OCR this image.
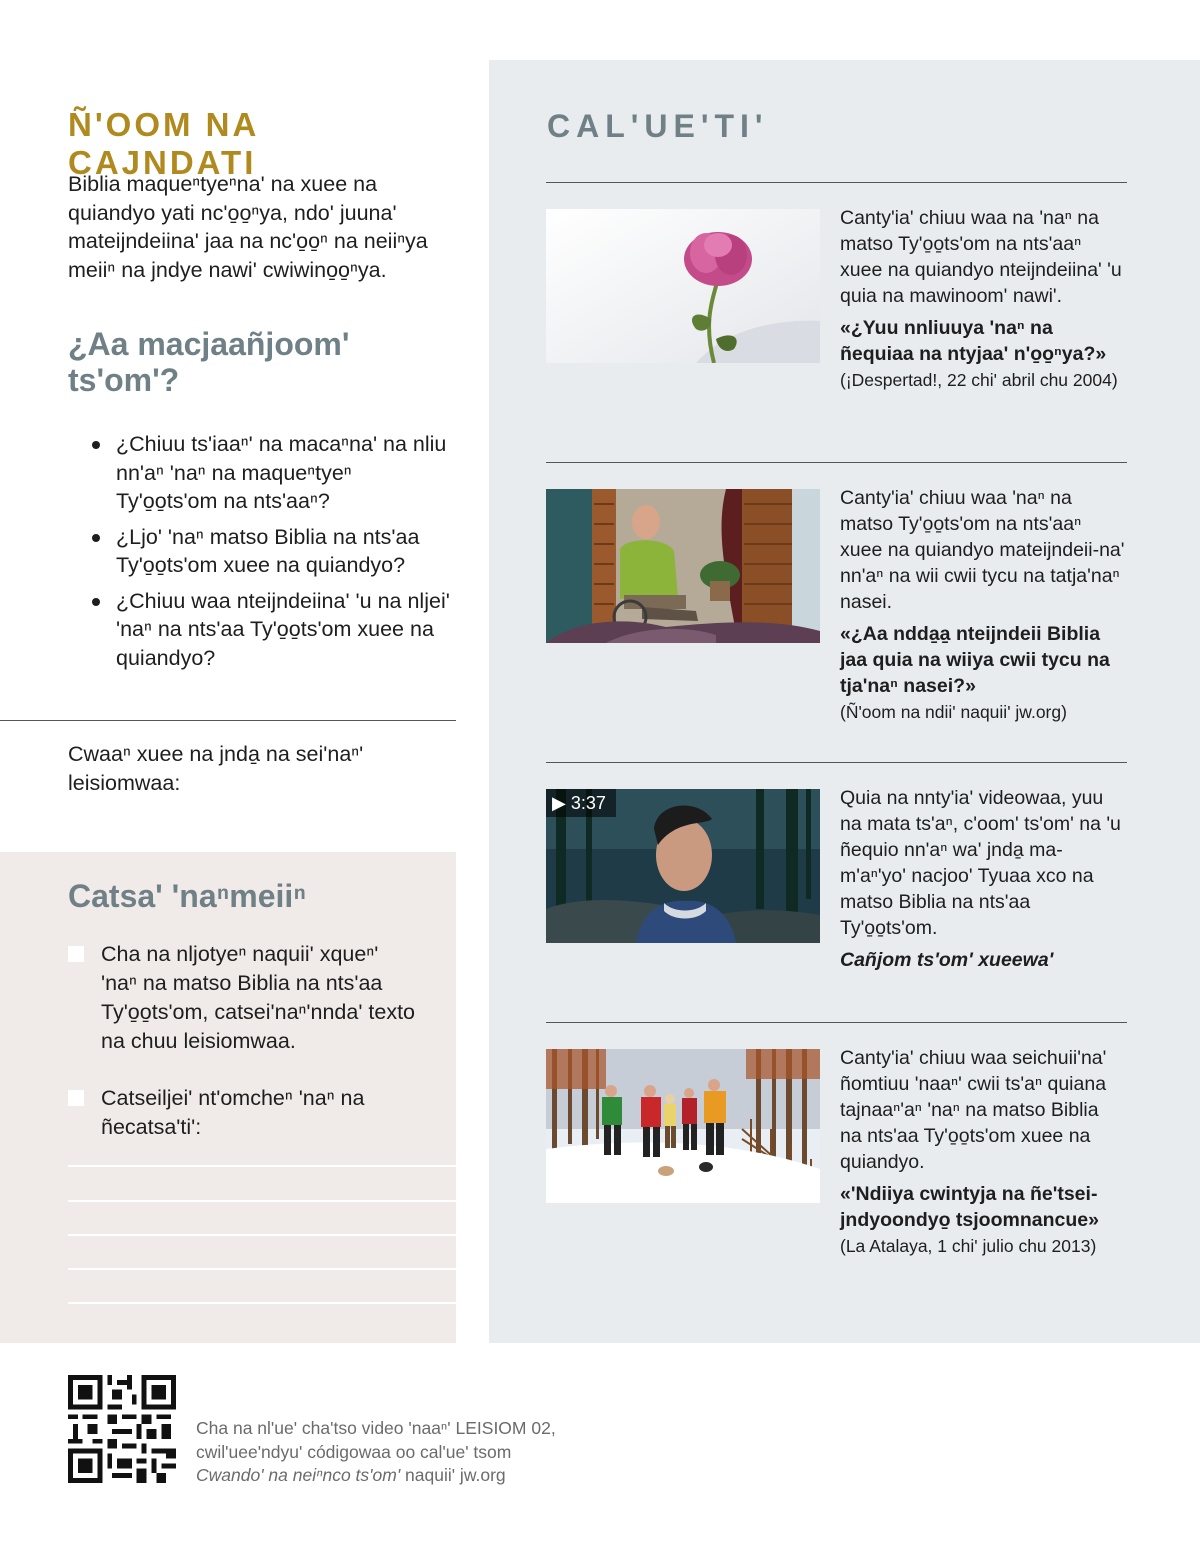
Ñ'OOM NA CAJNDATI

Biblia maqueⁿtyeⁿna' na xuee na quiandyo yati nc'o̱o̱ⁿya, ndo' juuna' mateijndeiina' jaa na nc'o̱o̱ⁿ na neiiⁿya meiiⁿ na jndye nawi' cwiwino̱o̱ⁿya.

¿Aa macjaañjoom' ts'om'?
¿Chiuu ts'iaaⁿ' na macaⁿna' na nliu nn'aⁿ 'naⁿ na maqueⁿtyeⁿ Ty'o̱o̱ts'om na nts'aaⁿ?
¿Ljo' 'naⁿ matso Biblia na nts'aa Ty'o̱o̱ts'om xuee na quiandyo?
¿Chiuu waa nteijndeiina' 'u na nljei' 'naⁿ na nts'aa Ty'o̱o̱ts'om xuee na quiandyo?

Cwaaⁿ xuee na jnda̱ na sei'naⁿ' leisiomwaa:

Catsa' 'naⁿmeiiⁿ

Cha na nljotyeⁿ naquii' xqueⁿ' 'naⁿ na matso Biblia na nts'aa Ty'o̱o̱ts'om, catsei'naⁿ'nnda' texto na chuu leisiomwaa.

Catseiljei' nt'omcheⁿ 'naⁿ na ñecatsa'ti':

CAL'UE'TI'

Canty'ia' chiuu waa na 'naⁿ na matso Ty'o̱o̱ts'om na nts'aaⁿ xuee na quiandyo nteijndeiina' 'u quia na mawinoom' nawi'.

«¿Yuu nnliuuya 'naⁿ na ñequiaa na ntyjaa' n'o̱o̱ⁿya?»

(¡Despertad!, 22 chi' abril chu 2004)

Canty'ia' chiuu waa 'naⁿ na matso Ty'o̱o̱ts'om na nts'aaⁿ xuee na quiandyo mateijndeii-na' nn'aⁿ na wii cwii tycu na tatja'naⁿ nasei.

«¿Aa ndda̱a̱ nteijndeii Biblia jaa quia na wiiya cwii tycu na tja'naⁿ nasei?»

(Ñ'oom na ndii' naquii' jw.org)

▶ 3:37	Quia na nnty'ia' videowaa, yuu na mata ts'aⁿ, c'oom' ts'om' na 'u ñequio nn'aⁿ wa' jnda̱ ma-m'aⁿ'yo' nacjoo' Tyuaa xco na matso Biblia na nts'aa Ty'o̱o̱ts'om.

Cañjom ts'om' xueewa'

Canty'ia' chiuu waa seichuii'na' ñomtiuu 'naaⁿ' cwii ts'aⁿ quiana tajnaaⁿ'aⁿ 'naⁿ na matso Biblia na nts'aa Ty'o̱o̱ts'om xuee na quiandyo.

«'Ndiiya cwintyja na ñe'tsei-jndyoondyo̱ tsjoomnancue»

(La Atalaya, 1 chi' julio chu 2013)

Cha na nl'ue' cha'tso video 'naaⁿ' LEISIOM 02,
cwil'uee'ndyu' códigowaa oo cal'ue' tsom
Cwando' na neiⁿnco ts'om' naquii' jw.org
